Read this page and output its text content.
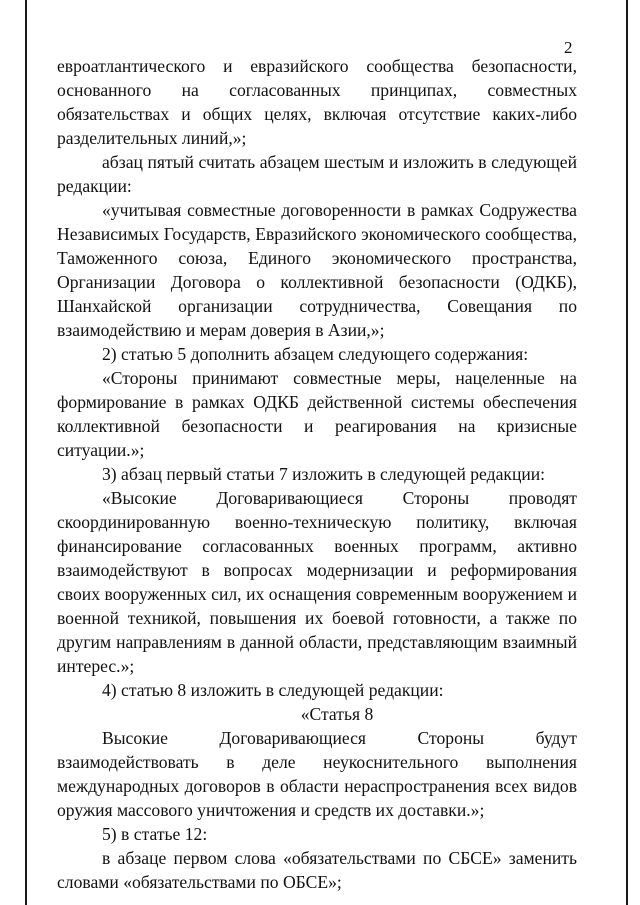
2

евроатлантического и евразийского сообщества безопасности, основанного на согласованных принципах, совместных обязательствах и общих целях, включая отсутствие каких-либо разделительных линий,»;

абзац пятый считать абзацем шестым и изложить в следующей редакции:

«учитывая совместные договоренности в рамках Содружества Независимых Государств, Евразийского экономического сообщества, Таможенного союза, Единого экономического пространства, Организации Договора о коллективной безопасности (ОДКБ), Шанхайской организации сотрудничества, Совещания по взаимодействию и мерам доверия в Азии,»;

2) статью 5 дополнить абзацем следующего содержания:

«Стороны принимают совместные меры, нацеленные на формирование в рамках ОДКБ действенной системы обеспечения коллективной безопасности и реагирования на кризисные ситуации.»;

3) абзац первый статьи 7 изложить в следующей редакции:

«Высокие Договаривающиеся Стороны проводят скоординированную военно-техническую политику, включая финансирование согласованных военных программ, активно взаимодействуют в вопросах модернизации и реформирования своих вооруженных сил, их оснащения современным вооружением и военной техникой, повышения их боевой готовности, а также по другим направлениям в данной области, представляющим взаимный интерес.»;

4) статью 8 изложить в следующей редакции:

«Статья 8

Высокие Договаривающиеся Стороны будут взаимодействовать в деле неукоснительного выполнения международных договоров в области нераспространения всех видов оружия массового уничтожения и средств их доставки.»;

5) в статье 12:

в абзаце первом слова «обязательствами по СБСЕ» заменить словами «обязательствами по ОБСЕ»;
